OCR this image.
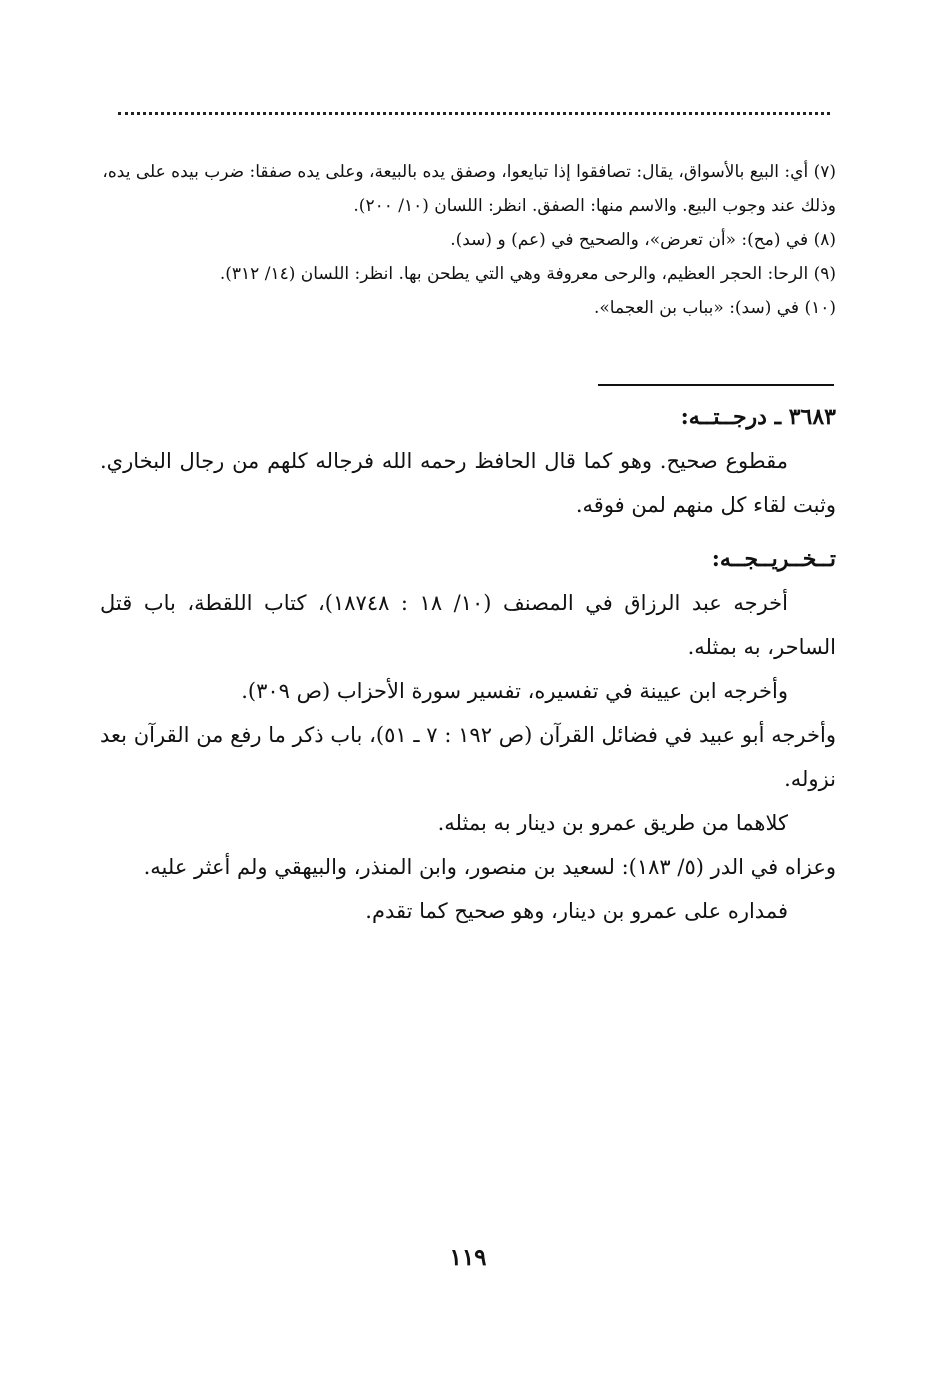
(٧) أي: البيع بالأسواق، يقال: تصافقوا إذا تبايعوا، وصفق يده بالبيعة، وعلى يده صفقا: ضرب بيده على يده، وذلك عند وجوب البيع. والاسم منها: الصفق. انظر: اللسان (١٠/ ٢٠٠).

(٨) في (مح): «أن تعرض»، والصحيح في (عم) و (سد).

(٩) الرحا: الحجر العظيم، والرحى معروفة وهي التي يطحن بها. انظر: اللسان (١٤/ ٣١٢).

(١٠) في (سد): «بباب بن العجما».

٣٦٨٣ ـ درجــتــه:

مقطوع صحيح. وهو كما قال الحافظ رحمه الله فرجاله كلهم من رجال البخاري. وثبت لقاء كل منهم لمن فوقه.

تــخــريــجــه:

أخرجه عبد الرزاق في المصنف (١٠/ ١٨ : ١٨٧٤٨)، كتاب اللقطة، باب قتل الساحر، به بمثله.

وأخرجه ابن عيينة في تفسيره، تفسير سورة الأحزاب (ص ٣٠٩).

وأخرجه أبو عبيد في فضائل القرآن (ص ١٩٢ : ٧ ـ ٥١)، باب ذكر ما رفع من القرآن بعد نزوله.

كلاهما من طريق عمرو بن دينار به بمثله.

وعزاه في الدر (٥/ ١٨٣): لسعيد بن منصور، وابن المنذر، والبيهقي ولم أعثر عليه.

فمداره على عمرو بن دينار، وهو صحيح كما تقدم.

١١٩
